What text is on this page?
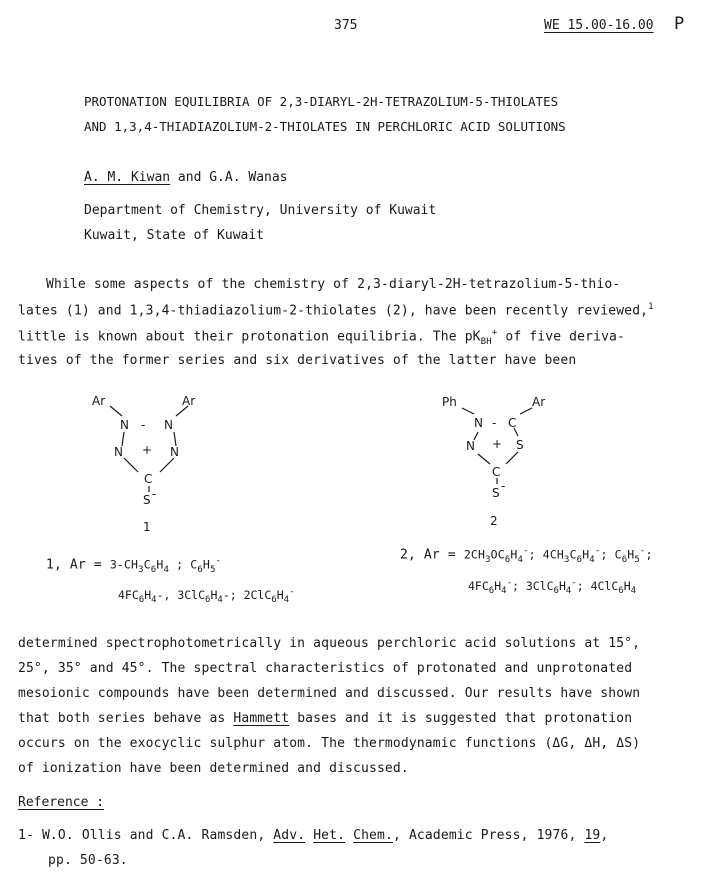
375	WE 15.00-16.00 P
PROTONATION EQUILIBRIA OF 2,3-DIARYL-2H-TETRAZOLIUM-5-THIOLATES
AND 1,3,4-THIADIAZOLIUM-2-THIOLATES IN PERCHLORIC ACID SOLUTIONS
A. M. Kiwan and G.A. Wanas
Department of Chemistry, University of Kuwait
Kuwait, State of Kuwait
While some aspects of the chemistry of 2,3-diaryl-2H-tetrazolium-5-thio-
lates (1) and 1,3,4-thiadiazolium-2-thiolates (2), have been recently reviewed,$^1$
little is known about their protonation equilibria. The $pK_{BH}^+$ of five deriva-
tives of the former series and six derivatives of the latter have been
Ar	Ar
N - N
N + N
C
S -
1
Ph	Ar
N - C
N + S
C
S -
2
1, $Ar = 3-CH_3C_6H_4$ ; $C_6H_5^-$
$4FC_6H_4-$, $3ClC_6H_4-$; $2ClC_6H_4^-$
2, $Ar = 2CH_3OC_6H_4^-$; $4CH_3C_6H_4^-$; $C_6H_5^-$;
$4FC_6H_4^-$; $3ClC_6H_4^-$; $4ClC_6H_4$
determined spectrophotometrically in aqueous perchloric acid solutions at 15°,
25°, 35° and 45°. The spectral characteristics of protonated and unprotonated
mesoionic compounds have been determined and discussed. Our results have shown
that both series behave as Hammett bases and it is suggested that protonation
occurs on the exocyclic sulphur atom. The thermodynamic functions (ΔG, ΔH, ΔS)
of ionization have been determined and discussed.
Reference :
1- W.O. Ollis and C.A. Ramsden, Adv. Het. Chem., Academic Press, 1976, 19,
pp. 50-63.
